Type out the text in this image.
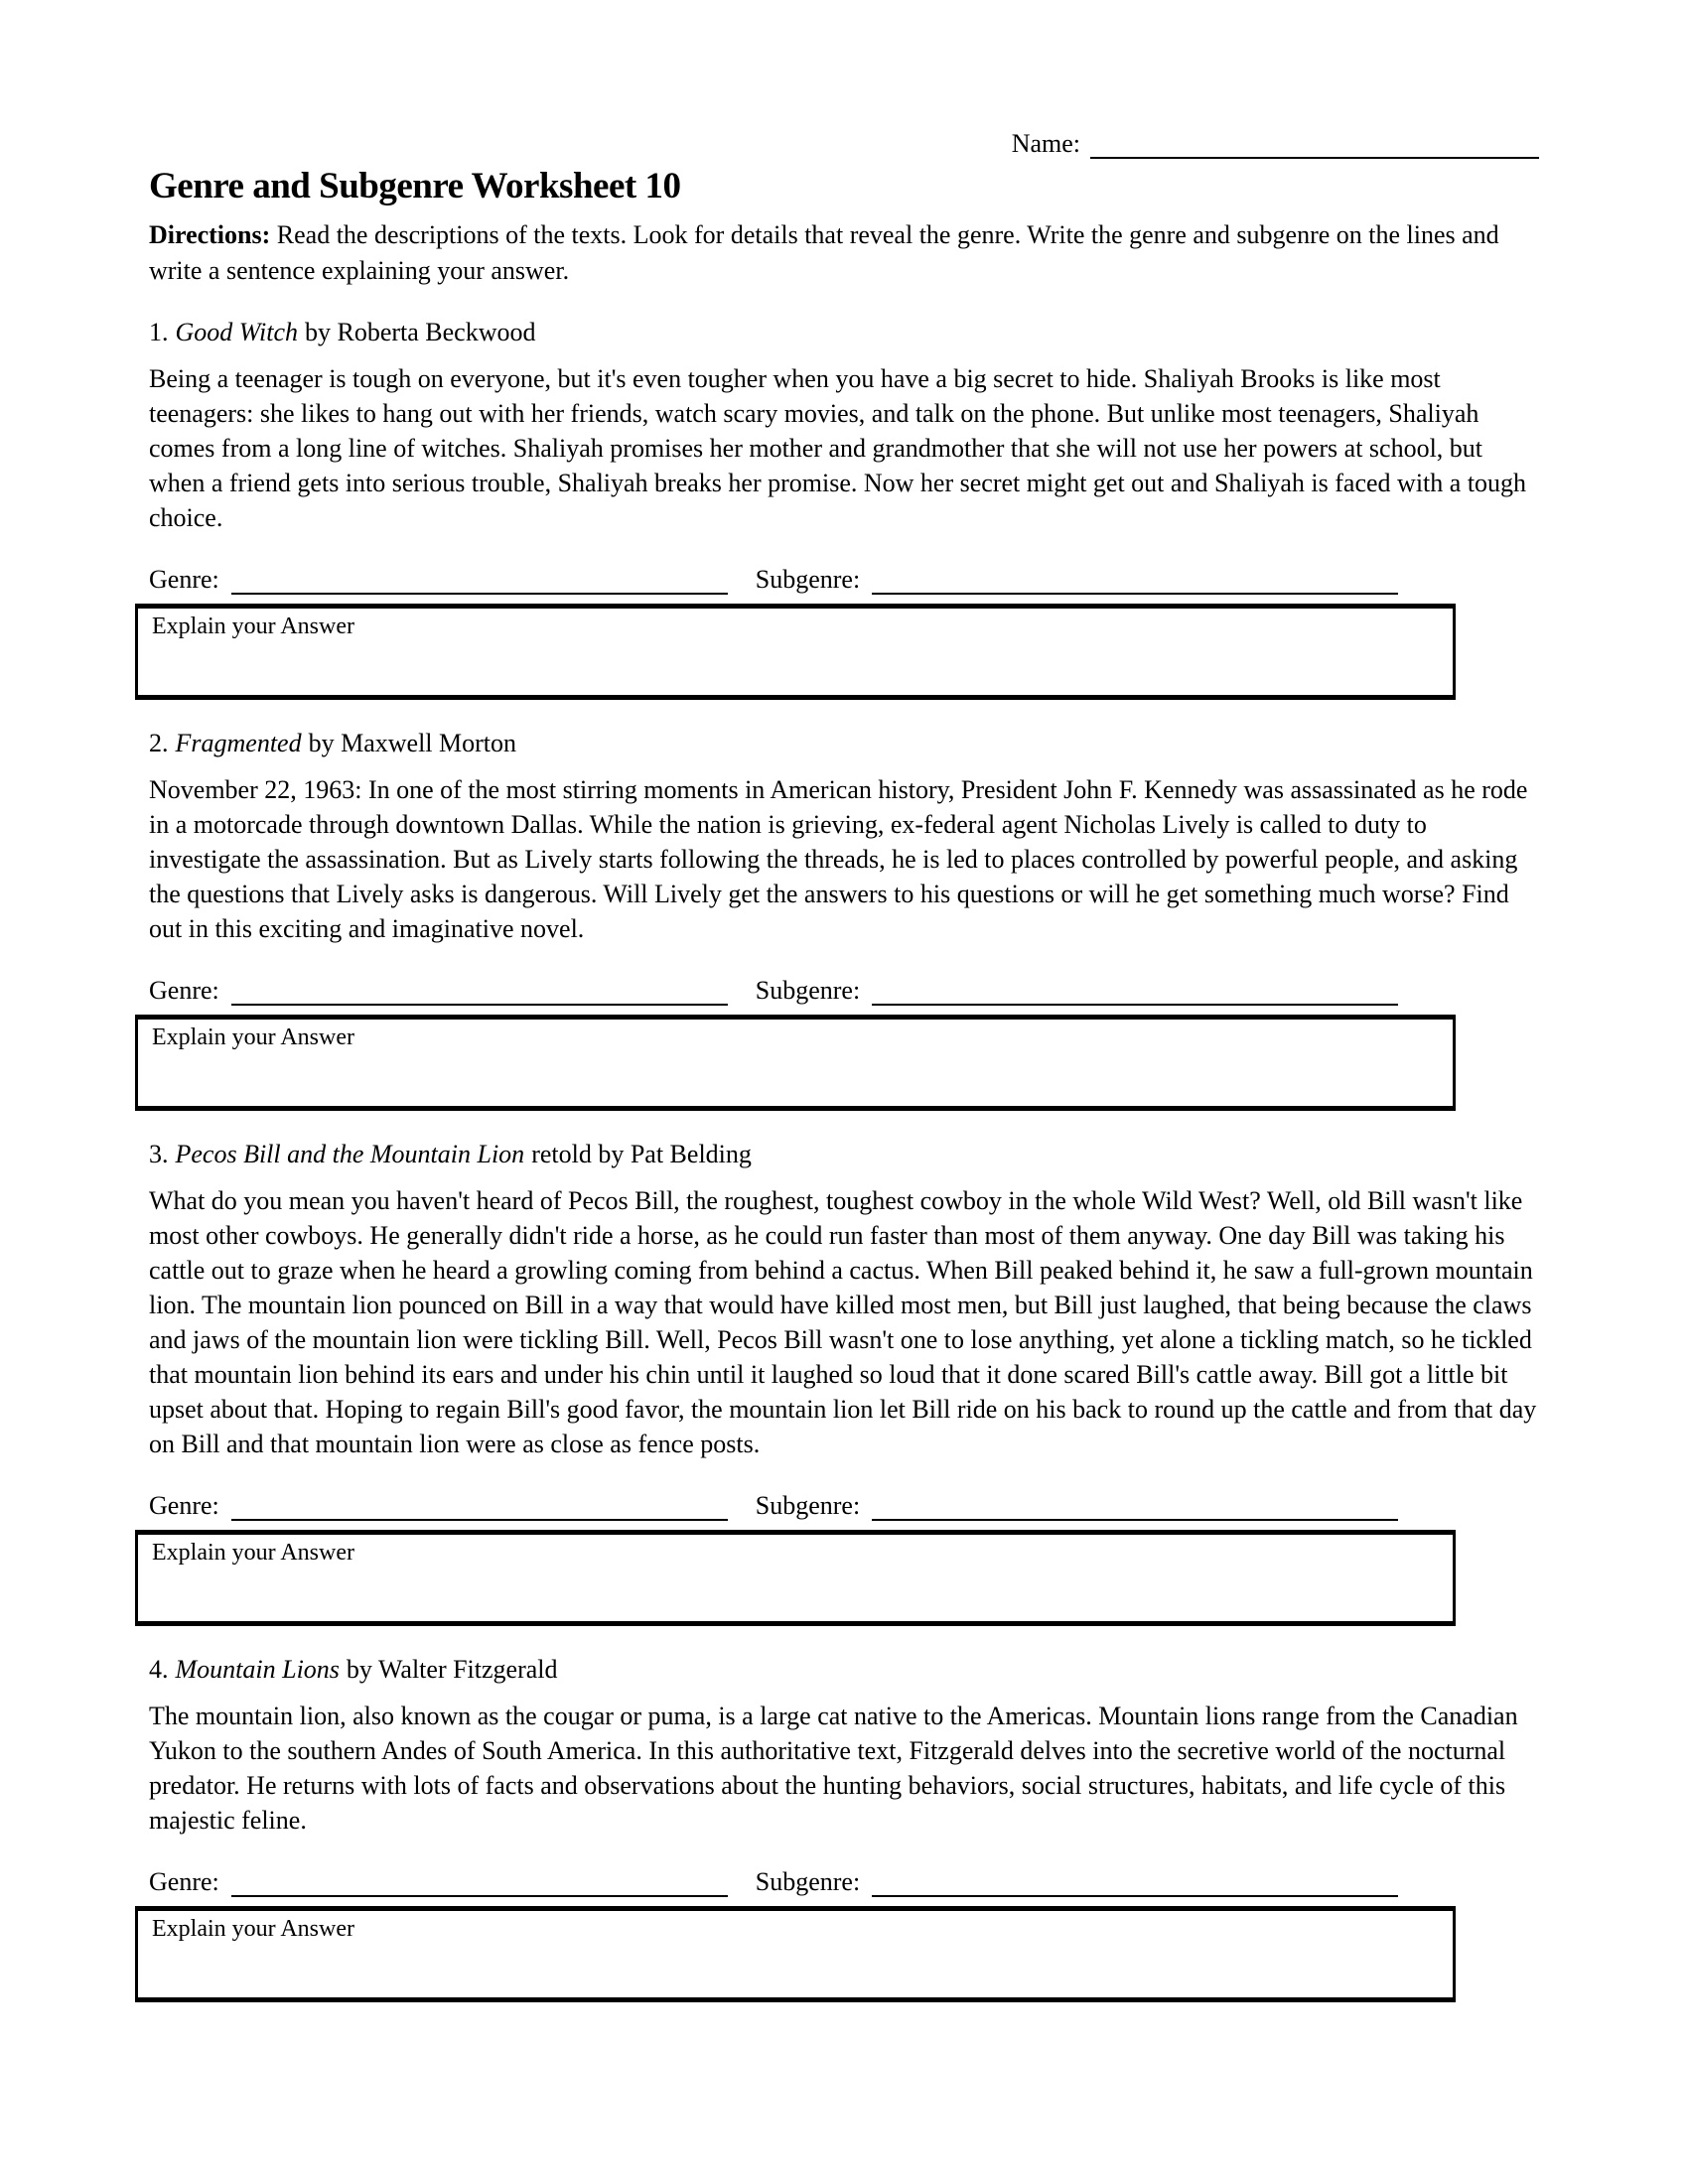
Name:
Genre and Subgenre Worksheet 10

Directions: Read the descriptions of the texts. Look for details that reveal the genre. Write the genre and subgenre on the lines and write a sentence explaining your answer.

1. Good Witch by Roberta Beckwood
Being a teenager is tough on everyone, but it's even tougher when you have a big secret to hide. Shaliyah Brooks is like most teenagers: she likes to hang out with her friends, watch scary movies, and talk on the phone. But unlike most teenagers, Shaliyah comes from a long line of witches. Shaliyah promises her mother and grandmother that she will not use her powers at school, but when a friend gets into serious trouble, Shaliyah breaks her promise. Now her secret might get out and Shaliyah is faced with a tough choice.
Genre:	Subgenre:
Explain your Answer
2. Fragmented by Maxwell Morton
November 22, 1963: In one of the most stirring moments in American history, President John F. Kennedy was assassinated as he rode in a motorcade through downtown Dallas. While the nation is grieving, ex-federal agent Nicholas Lively is called to duty to investigate the assassination. But as Lively starts following the threads, he is led to places controlled by powerful people, and asking the questions that Lively asks is dangerous. Will Lively get the answers to his questions or will he get something much worse? Find out in this exciting and imaginative novel.
Genre:	Subgenre:
Explain your Answer
3. Pecos Bill and the Mountain Lion retold by Pat Belding
What do you mean you haven't heard of Pecos Bill, the roughest, toughest cowboy in the whole Wild West? Well, old Bill wasn't like most other cowboys. He generally didn't ride a horse, as he could run faster than most of them anyway. One day Bill was taking his cattle out to graze when he heard a growling coming from behind a cactus. When Bill peaked behind it, he saw a full-grown mountain lion. The mountain lion pounced on Bill in a way that would have killed most men, but Bill just laughed, that being because the claws and jaws of the mountain lion were tickling Bill. Well, Pecos Bill wasn't one to lose anything, yet alone a tickling match, so he tickled that mountain lion behind its ears and under his chin until it laughed so loud that it done scared Bill's cattle away. Bill got a little bit upset about that. Hoping to regain Bill's good favor, the mountain lion let Bill ride on his back to round up the cattle and from that day on Bill and that mountain lion were as close as fence posts.
Genre:	Subgenre:
Explain your Answer
4. Mountain Lions by Walter Fitzgerald
The mountain lion, also known as the cougar or puma, is a large cat native to the Americas. Mountain lions range from the Canadian Yukon to the southern Andes of South America. In this authoritative text, Fitzgerald delves into the secretive world of the nocturnal predator. He returns with lots of facts and observations about the hunting behaviors, social structures, habitats, and life cycle of this majestic feline.
Genre:	Subgenre:
Explain your Answer
